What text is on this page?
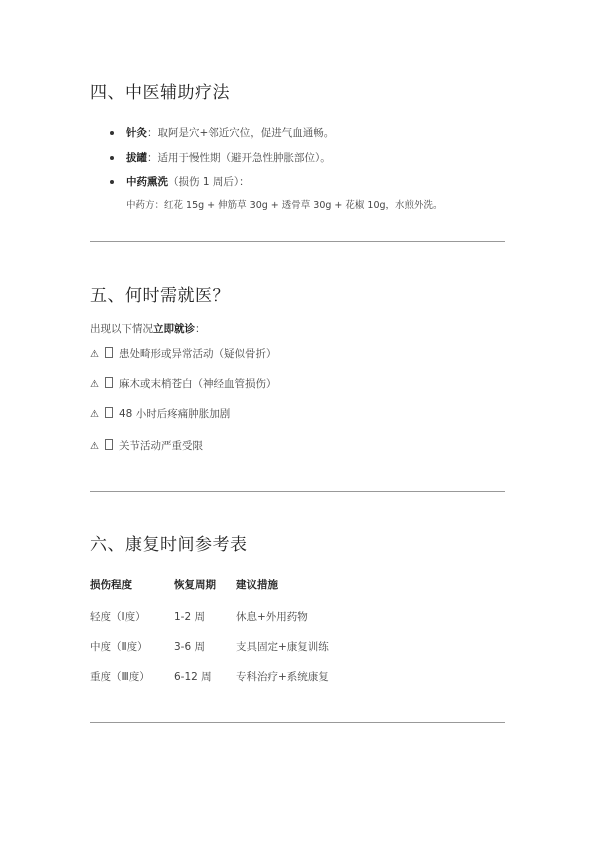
四、中医辅助疗法
针灸：取阿是穴+邻近穴位，促进气血通畅。
拔罐：适用于慢性期（避开急性肿胀部位）。
中药熏洗（损伤 1 周后）：
中药方：红花 15g + 伸筋草 30g + 透骨草 30g + 花椒 10g，水煎外洗。
五、何时需就医？
出现以下情况立即就诊：
⚠ 患处畸形或异常活动（疑似骨折）
⚠ 麻木或末梢苍白（神经血管损伤）
⚠ 48 小时后疼痛肿胀加剧
⚠ 关节活动严重受限
六、康复时间参考表
损伤程度	恢复周期 建议措施
轻度（Ⅰ度）	1-2 周	休息+外用药物
中度（Ⅱ度）	3-6 周	支具固定+康复训练
重度（Ⅲ度） 6-12 周 专科治疗+系统康复
